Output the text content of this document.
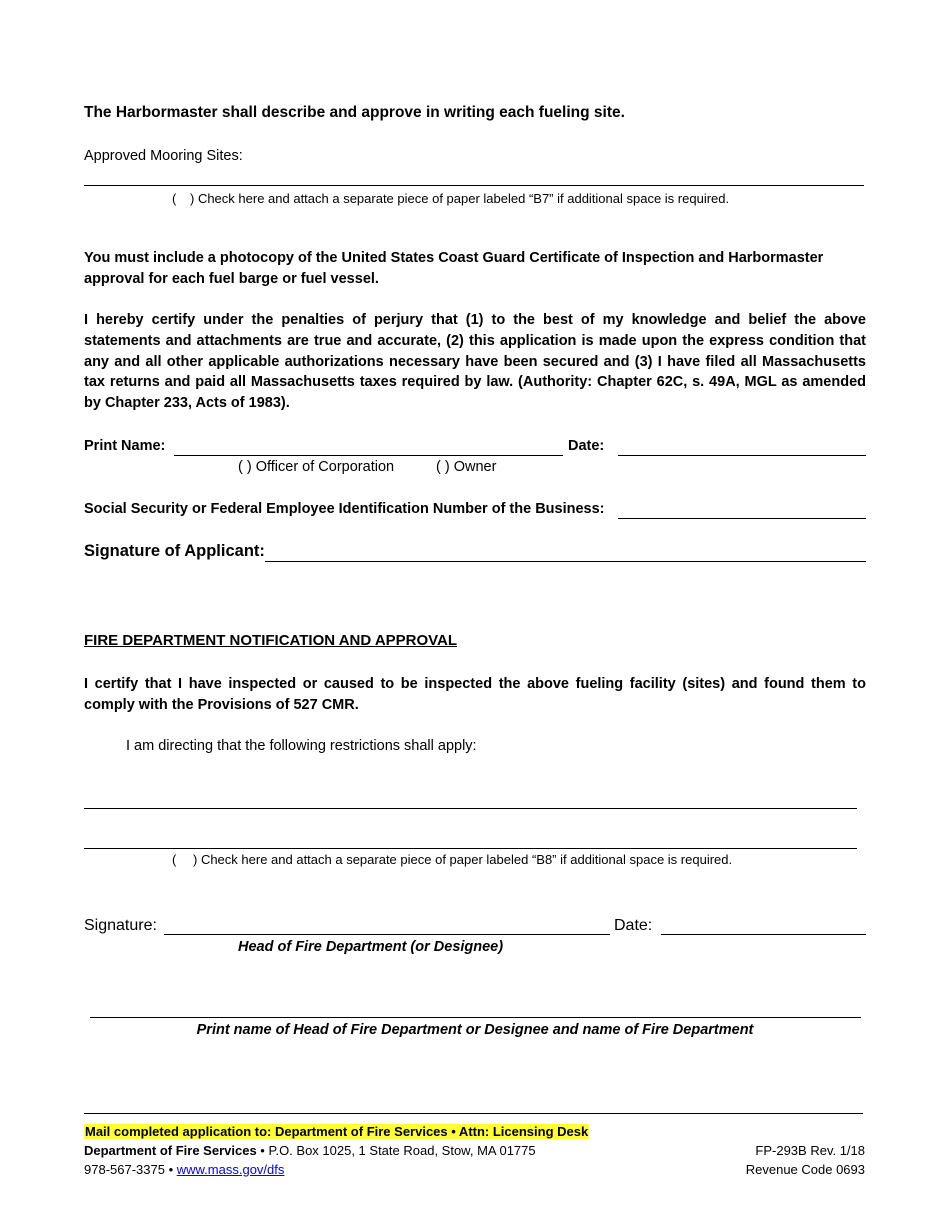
The Harbormaster shall describe and approve in writing each fueling site.
Approved Mooring Sites:
( ) Check here and attach a separate piece of paper labeled “B7” if additional space is required.
You must include a photocopy of the United States Coast Guard Certificate of Inspection and Harbormaster approval for each fuel barge or fuel vessel.
I hereby certify under the penalties of perjury that (1) to the best of my knowledge and belief the above statements and attachments are true and accurate, (2) this application is made upon the express condition that any and all other applicable authorizations necessary have been secured and (3) I have filed all Massachusetts tax returns and paid all Massachusetts taxes required by law. (Authority: Chapter 62C, s. 49A, MGL as amended by Chapter 233, Acts of 1983).
Print Name:	Date:
( ) Officer of Corporation	( ) Owner
Social Security or Federal Employee Identification Number of the Business:
Signature of Applicant:
FIRE DEPARTMENT NOTIFICATION AND APPROVAL
I certify that I have inspected or caused to be inspected the above fueling facility (sites) and found them to comply with the Provisions of 527 CMR.
I am directing that the following restrictions shall apply:
( ) Check here and attach a separate piece of paper labeled “B8” if additional space is required.
Signature:	Date:
Head of Fire Department (or Designee)
Print name of Head of Fire Department or Designee and name of Fire Department
Mail completed application to: Department of Fire Services • Attn: Licensing Desk
Department of Fire Services • P.O. Box 1025, 1 State Road, Stow, MA 01775
978-567-3375 • www.mass.gov/dfs
FP-293B Rev. 1/18
Revenue Code 0693
